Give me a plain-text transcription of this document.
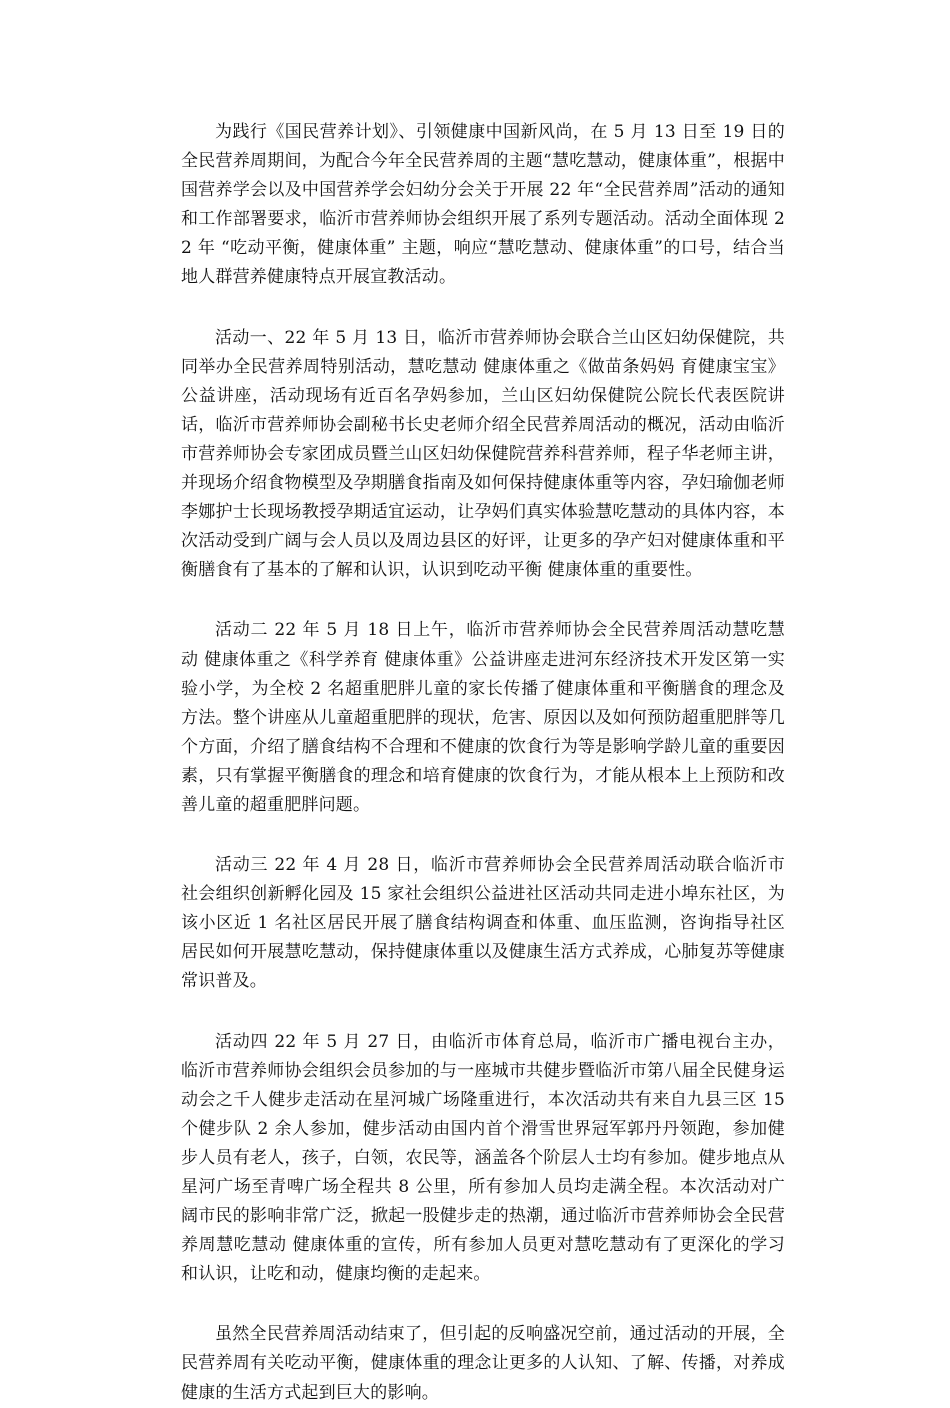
为践行《国民营养计划》、引领健康中国新风尚，在 5 月 13 日至 19 日的全民营养周期间，为配合今年全民营养周的主题“慧吃慧动，健康体重”，根据中国营养学会以及中国营养学会妇幼分会关于开展 22 年“全民营养周”活动的通知和工作部署要求，临沂市营养师协会组织开展了系列专题活动。活动全面体现 22 年 “吃动平衡，健康体重” 主题，响应“慧吃慧动、健康体重”的口号，结合当地人群营养健康特点开展宣教活动。

活动一、22 年 5 月 13 日，临沂市营养师协会联合兰山区妇幼保健院，共同举办全民营养周特别活动，慧吃慧动 健康体重之《做苗条妈妈 育健康宝宝》公益讲座，活动现场有近百名孕妈参加，兰山区妇幼保健院公院长代表医院讲话，临沂市营养师协会副秘书长史老师介绍全民营养周活动的概况，活动由临沂市营养师协会专家团成员暨兰山区妇幼保健院营养科营养师，程子华老师主讲，并现场介绍食物模型及孕期膳食指南及如何保持健康体重等内容，孕妇瑜伽老师李娜护士长现场教授孕期适宜运动，让孕妈们真实体验慧吃慧动的具体内容，本次活动受到广阔与会人员以及周边县区的好评，让更多的孕产妇对健康体重和平衡膳食有了基本的了解和认识，认识到吃动平衡 健康体重的重要性。

活动二 22 年 5 月 18 日上午，临沂市营养师协会全民营养周活动慧吃慧动 健康体重之《科学养育 健康体重》公益讲座走进河东经济技术开发区第一实验小学，为全校 2 名超重肥胖儿童的家长传播了健康体重和平衡膳食的理念及方法。整个讲座从儿童超重肥胖的现状，危害、原因以及如何预防超重肥胖等几个方面，介绍了膳食结构不合理和不健康的饮食行为等是影响学龄儿童的重要因素，只有掌握平衡膳食的理念和培育健康的饮食行为，才能从根本上上预防和改善儿童的超重肥胖问题。

活动三 22 年 4 月 28 日，临沂市营养师协会全民营养周活动联合临沂市社会组织创新孵化园及 15 家社会组织公益进社区活动共同走进小埠东社区，为该小区近 1 名社区居民开展了膳食结构调查和体重、血压监测，咨询指导社区居民如何开展慧吃慧动，保持健康体重以及健康生活方式养成，心肺复苏等健康常识普及。

活动四 22 年 5 月 27 日，由临沂市体育总局，临沂市广播电视台主办，临沂市营养师协会组织会员参加的与一座城市共健步暨临沂市第八届全民健身运动会之千人健步走活动在星河城广场隆重进行，本次活动共有来自九县三区 15 个健步队 2 余人参加，健步活动由国内首个滑雪世界冠军郭丹丹领跑，参加健步人员有老人，孩子，白领，农民等，涵盖各个阶层人士均有参加。健步地点从星河广场至青啤广场全程共 8 公里，所有参加人员均走满全程。本次活动对广阔市民的影响非常广泛，掀起一股健步走的热潮，通过临沂市营养师协会全民营养周慧吃慧动 健康体重的宣传，所有参加人员更对慧吃慧动有了更深化的学习和认识，让吃和动，健康均衡的走起来。

虽然全民营养周活动结束了，但引起的反响盛况空前，通过活动的开展，全民营养周有关吃动平衡，健康体重的理念让更多的人认知、了解、传播，对养成健康的生活方式起到巨大的影响。
